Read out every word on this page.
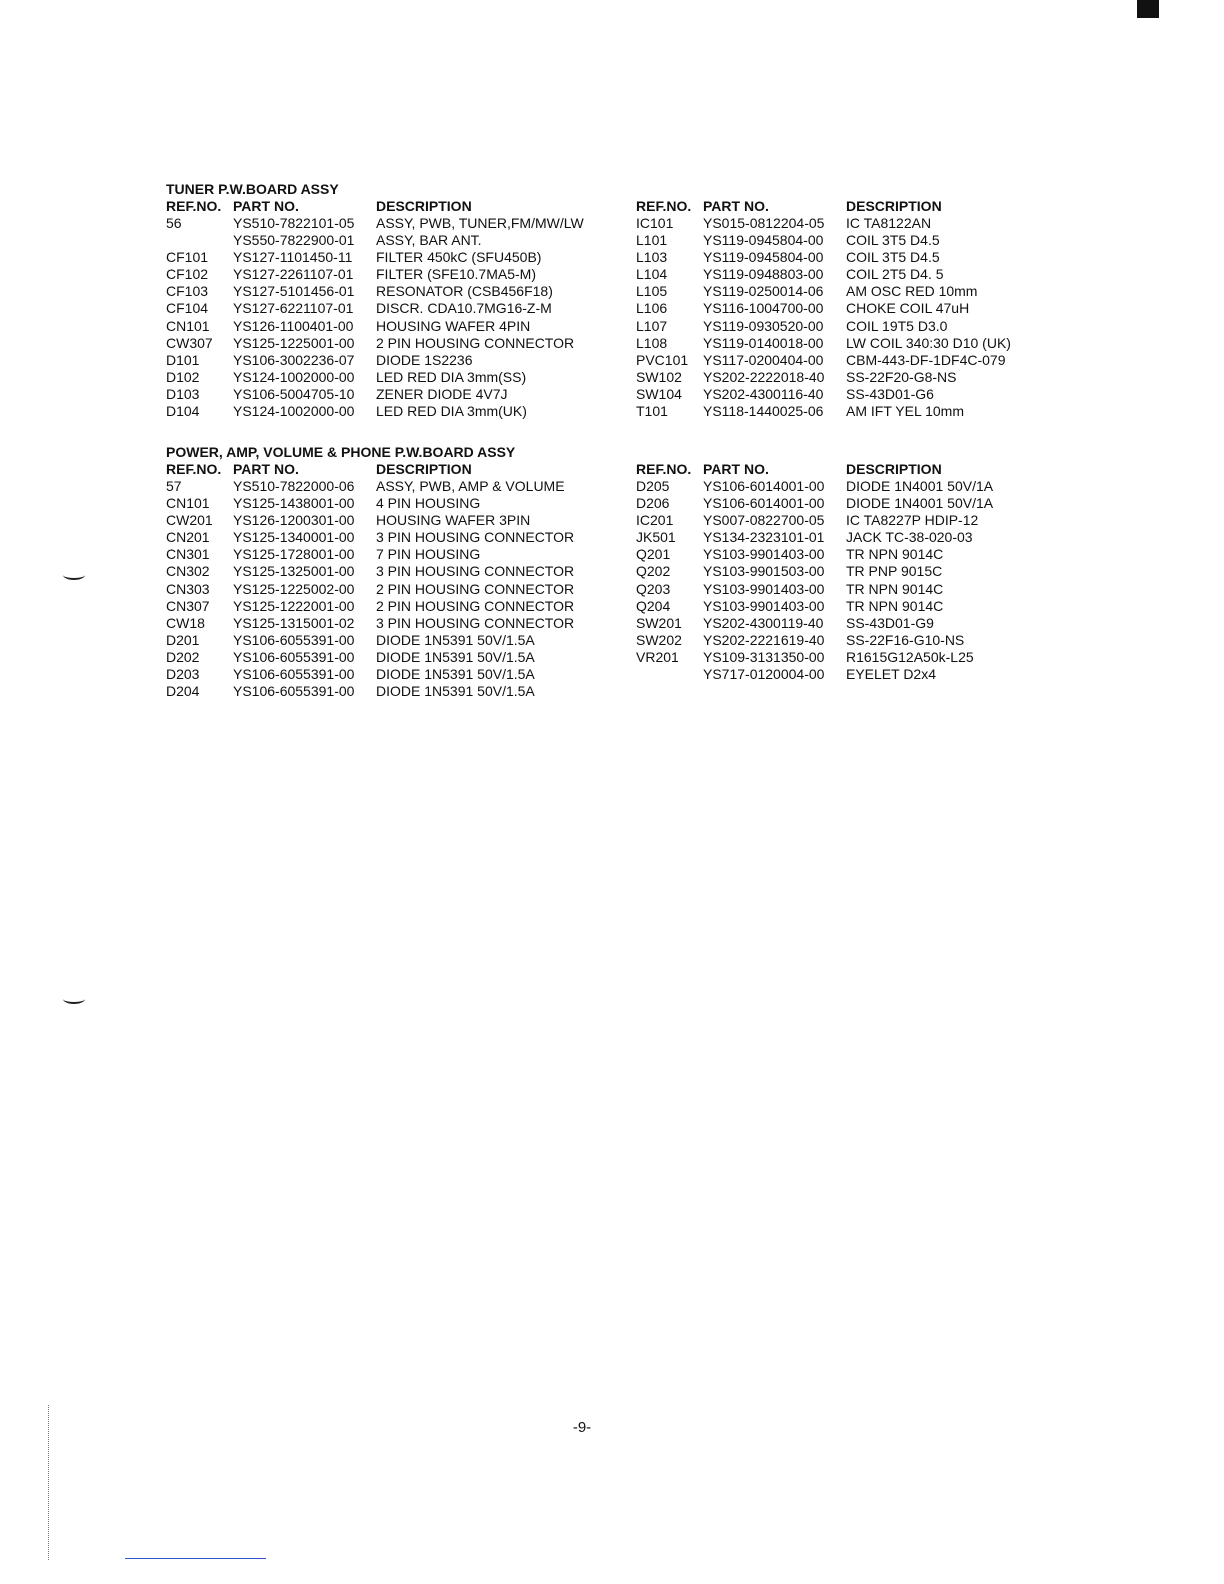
TUNER P.W.BOARD ASSY
REF.NO.	PART NO.	DESCRIPTION
56	YS510-7822101-05	ASSY, PWB, TUNER,FM/MW/LW
	YS550-7822900-01	ASSY, BAR ANT.
CF101	YS127-1101450-11	FILTER 450kC (SFU450B)
CF102	YS127-2261107-01	FILTER (SFE10.7MA5-M)
CF103	YS127-5101456-01	RESONATOR (CSB456F18)
CF104	YS127-6221107-01	DISCR. CDA10.7MG16-Z-M
CN101	YS126-1100401-00	HOUSING WAFER 4PIN
CW307	YS125-1225001-00	2 PIN HOUSING CONNECTOR
D101	YS106-3002236-07	DIODE 1S2236
D102	YS124-1002000-00	LED RED DIA 3mm(SS)
D103	YS106-5004705-10	ZENER DIODE 4V7J
D104	YS124-1002000-00	LED RED DIA 3mm(UK)
REF.NO.	PART NO.	DESCRIPTION
IC101	YS015-0812204-05	IC TA8122AN
L101	YS119-0945804-00	COIL 3T5 D4.5
L103	YS119-0945804-00	COIL 3T5 D4.5
L104	YS119-0948803-00	COIL 2T5 D4. 5
L105	YS119-0250014-06	AM OSC RED 10mm
L106	YS116-1004700-00	CHOKE COIL 47uH
L107	YS119-0930520-00	COIL 19T5 D3.0
L108	YS119-0140018-00	LW COIL 340:30 D10 (UK)
PVC101	YS117-0200404-00	CBM-443-DF-1DF4C-079
SW102	YS202-2222018-40	SS-22F20-G8-NS
SW104	YS202-4300116-40	SS-43D01-G6
T101	YS118-1440025-06	AM IFT YEL 10mm
POWER, AMP, VOLUME & PHONE P.W.BOARD ASSY
REF.NO.	PART NO.	DESCRIPTION
57	YS510-7822000-06	ASSY, PWB, AMP & VOLUME
CN101	YS125-1438001-00	4 PIN HOUSING
CW201	YS126-1200301-00	HOUSING WAFER 3PIN
CN201	YS125-1340001-00	3 PIN HOUSING CONNECTOR
CN301	YS125-1728001-00	7 PIN HOUSING
CN302	YS125-1325001-00	3 PIN HOUSING CONNECTOR
CN303	YS125-1225002-00	2 PIN HOUSING CONNECTOR
CN307	YS125-1222001-00	2 PIN HOUSING CONNECTOR
CW18	YS125-1315001-02	3 PIN HOUSING CONNECTOR
D201	YS106-6055391-00	DIODE 1N5391 50V/1.5A
D202	YS106-6055391-00	DIODE 1N5391 50V/1.5A
D203	YS106-6055391-00	DIODE 1N5391 50V/1.5A
D204	YS106-6055391-00	DIODE 1N5391 50V/1.5A
REF.NO.	PART NO.	DESCRIPTION
D205	YS106-6014001-00	DIODE 1N4001 50V/1A
D206	YS106-6014001-00	DIODE 1N4001 50V/1A
IC201	YS007-0822700-05	IC TA8227P HDIP-12
JK501	YS134-2323101-01	JACK TC-38-020-03
Q201	YS103-9901403-00	TR NPN 9014C
Q202	YS103-9901503-00	TR PNP 9015C
Q203	YS103-9901403-00	TR NPN 9014C
Q204	YS103-9901403-00	TR NPN 9014C
SW201	YS202-4300119-40	SS-43D01-G9
SW202	YS202-2221619-40	SS-22F16-G10-NS
VR201	YS109-3131350-00	R1615G12A50k-L25
	YS717-0120004-00	EYELET D2x4
-9-
